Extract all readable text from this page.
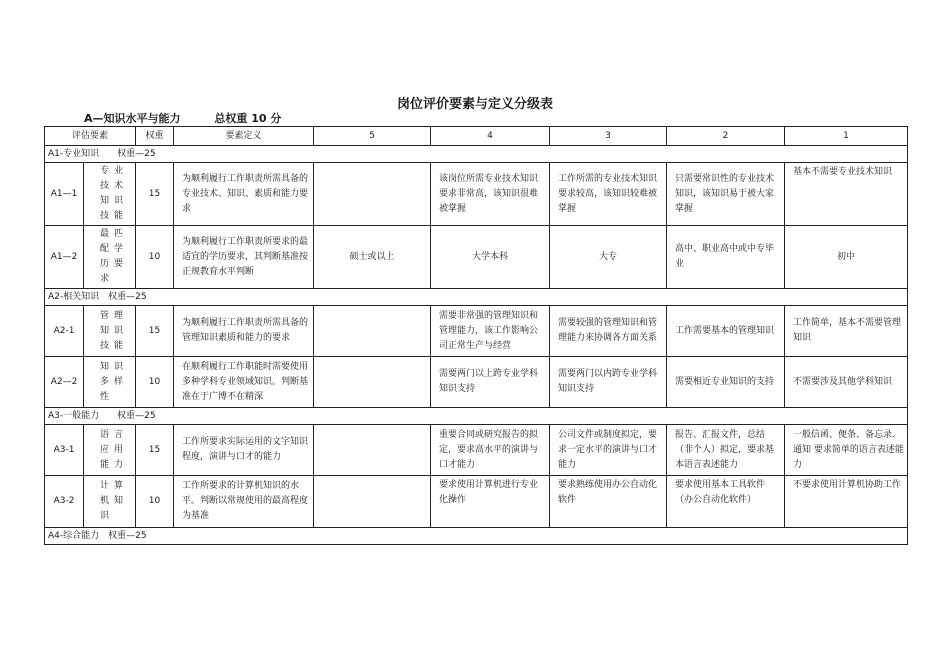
岗位评价要素与定义分级表
A—知识水平与能力	总权重 10 分
评估要素		权重	要素定义	5	4	3	2	1
A1-专业知识　　权重—25								
A1—1	专业技术知识技能	15	为顺利履行工作职责所需具备的专业技术、知识、素质和能力要求		该岗位所需专业技术知识要求非常高，该知识很难被掌握	工作所需的专业技术知识要求较高，该知识较难被掌握	只需要常识性的专业技术知识，该知识易于被大家掌握	基本不需要专业技术知识
A1—2	最匹配学历要求	10	为顺利履行工作职责所要求的最适宜的学历要求，其判断基准按正规教育水平判断	硕士或以上	大学本科	大专	高中、职业高中或中专毕业	初中
A2-相关知识　权重—25								
A2-1	管理知识技能	15	为顺利履行工作职责所需具备的管理知识素质和能力的要求		需要非常强的管理知识和管理能力，该工作影响公司正常生产与经营	需要较强的管理知识和管理能力来协调各方面关系	工作需要基本的管理知识	工作简单，基本不需要管理知识
A2—2	知识多样性	10	在顺利履行工作职能时需要使用多种学科专业领域知识。判断基准在于广博不在精深		需要两门以上跨专业学科知识支持	需要两门以内跨专业学科知识支持	需要相近专业知识的支持	不需要涉及其他学科知识
A3-一般能力　　权重—25								
A3-1	语言应用能力	15	工作所要求实际运用的文字知识程度，演讲与口才的能力		重要合同或研究报告的拟定，要求高水平的演讲与口才能力	公司文件或制度拟定，要求一定水平的演讲与口才能力	报告、汇报文件，总结（非个人）拟定，要求基本语言表述能力	一般信函、便条、备忘录、通知 要求简单的语言表述能力
A3-2	计算机知识	10	工作所要求的计算机知识的水平。判断以常规使用的最高程度为基准		要求使用计算机进行专业化操作	要求熟练使用办公自动化软件	要求使用基本工具软件（办公自动化软件）	不要求使用计算机协助工作
A4-综合能力　权重—25								
